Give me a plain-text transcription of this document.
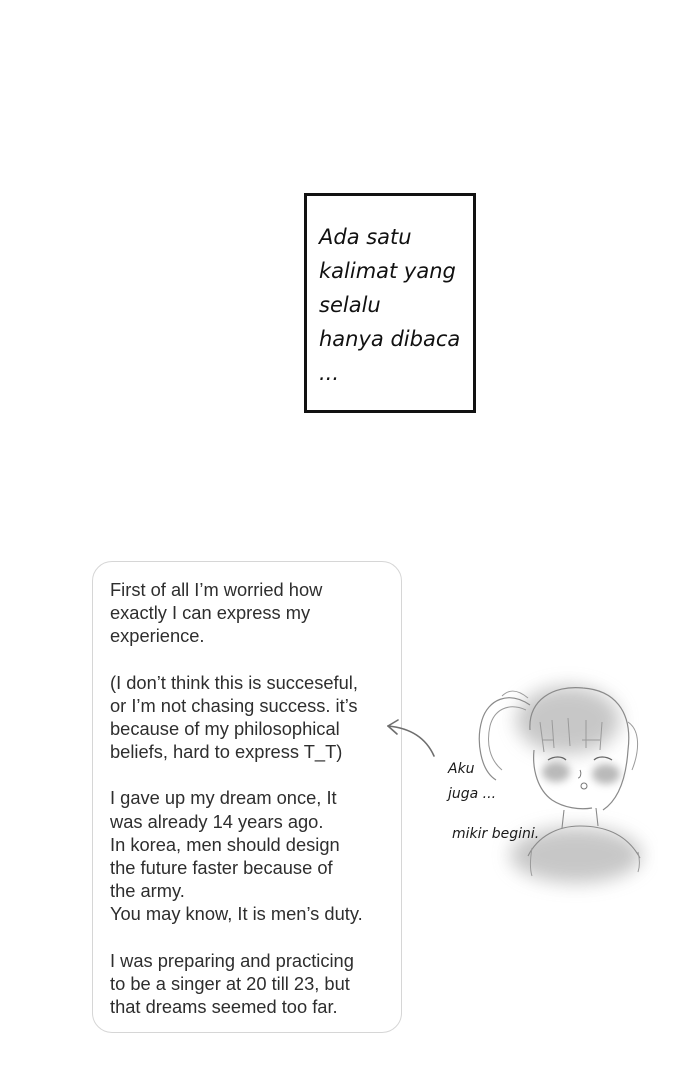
Ada satu
kalimat yang
selalu
hanya dibaca
...
First of all I’m worried how
exactly I can express my
experience.
(I don’t think this is succeseful,
or I’m not chasing success. it’s
because of my philosophical
beliefs, hard to express T_T)
I gave up my dream once, It
was already 14 years ago.
In korea, men should design
the future faster because of
the army.
You may know, It is men’s duty.
I was preparing and practicing
to be a singer at 20 till 23, but
that dreams seemed too far.
Aku
juga ...
mikir begini.
